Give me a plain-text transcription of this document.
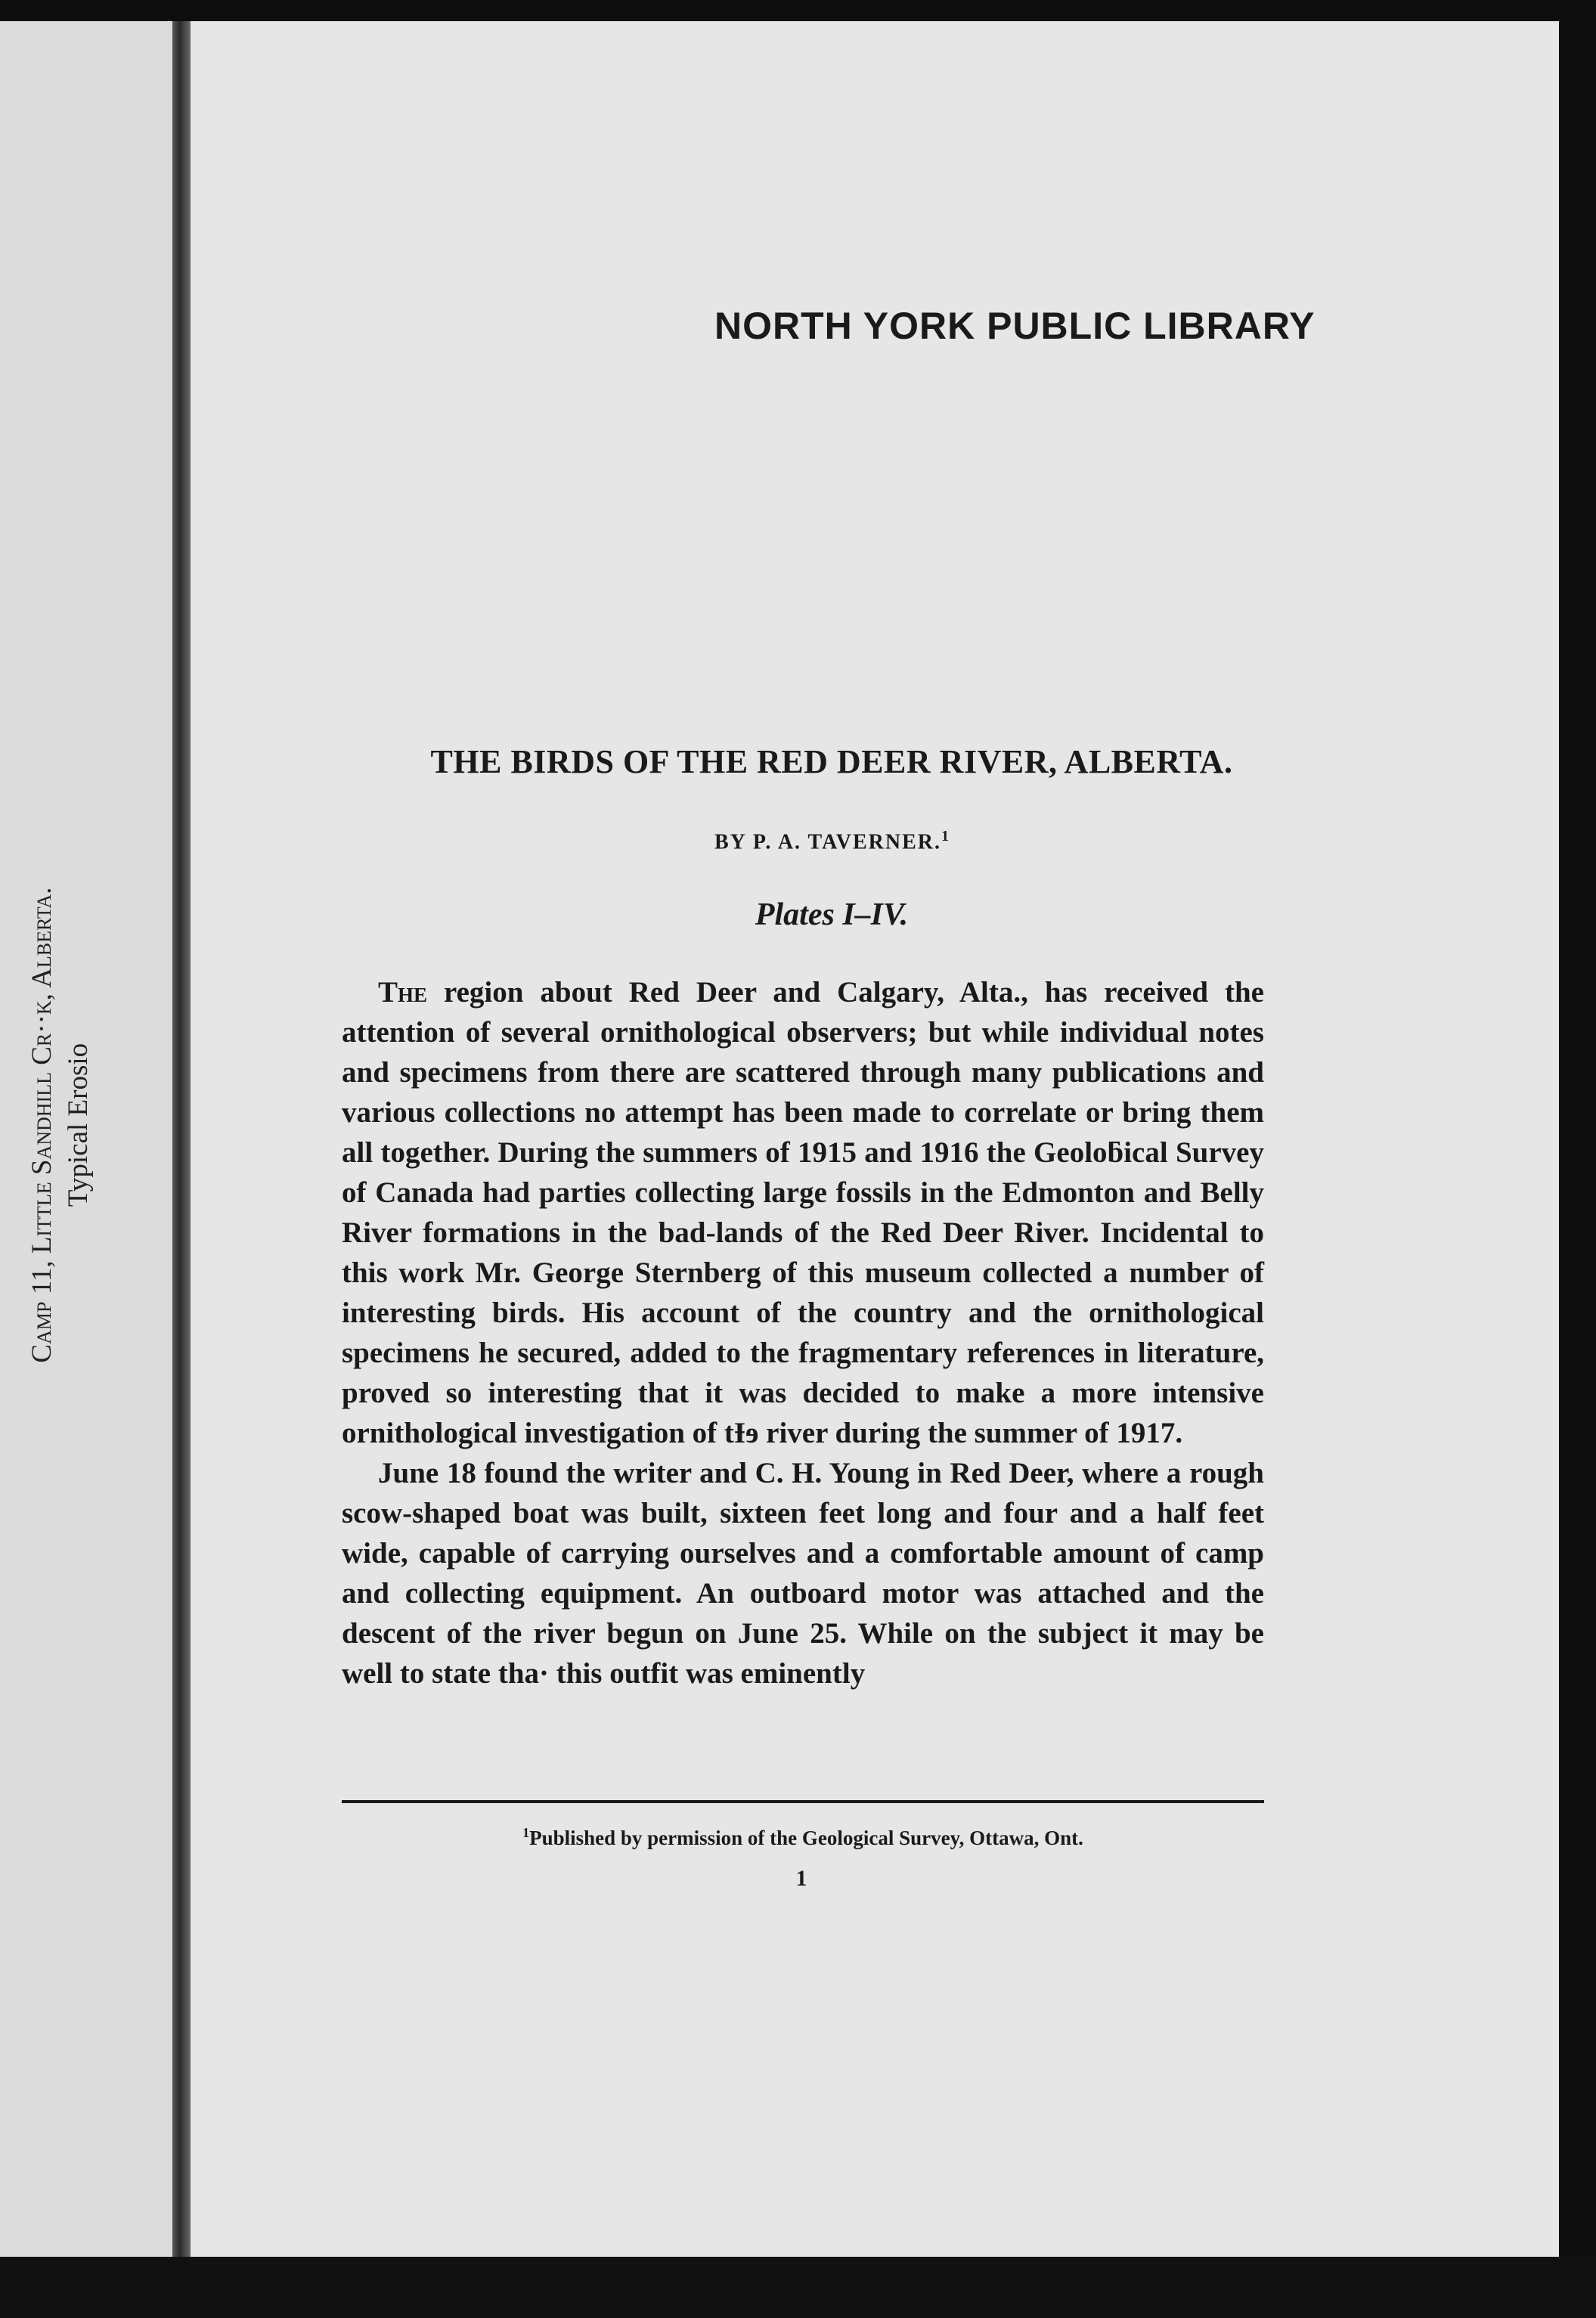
Camp 11, Little Sandhill Cr··k, Alberta. Typical Erosio
NORTH YORK PUBLIC LIBRARY
THE BIRDS OF THE RED DEER RIVER, ALBERTA.
BY P. A. TAVERNER.$^1$
Plates I–IV.

The region about Red Deer and Calgary, Alta., has received the attention of several ornithological observers; but while individual notes and specimens from there are scattered through many publications and various collections no attempt has been made to correlate or bring them all together. During the summers of 1915 and 1916 the Geoloƃical Survey of Canada had parties collecting large fossils in the Edmonton and Belly River formations in the bad-lands of the Red Deer River. Incidental to this work Mr. George Sternberg of this museum collected a number of interesting birds. His account of the country and the ornithological specimens he secured, added to the fragmentary references in literature, proved so interesting that it was decided to make a more intensive ornithological investigation of tƗɘ river during the summer of 1917.

June 18 found the writer and C. H. Young in Red Deer, where a rough scow-shaped boat was built, sixteen feet long and four and a half feet wide, capable of carrying ourselves and a comfortable amount of camp and collecting equipment. An outboard motor was attached and the descent of the river begun on June 25. While on the subject it may be well to state tha· this outfit was eminently

$^1$Published by permission of the Geological Survey, Ottawa, Ont.
1
